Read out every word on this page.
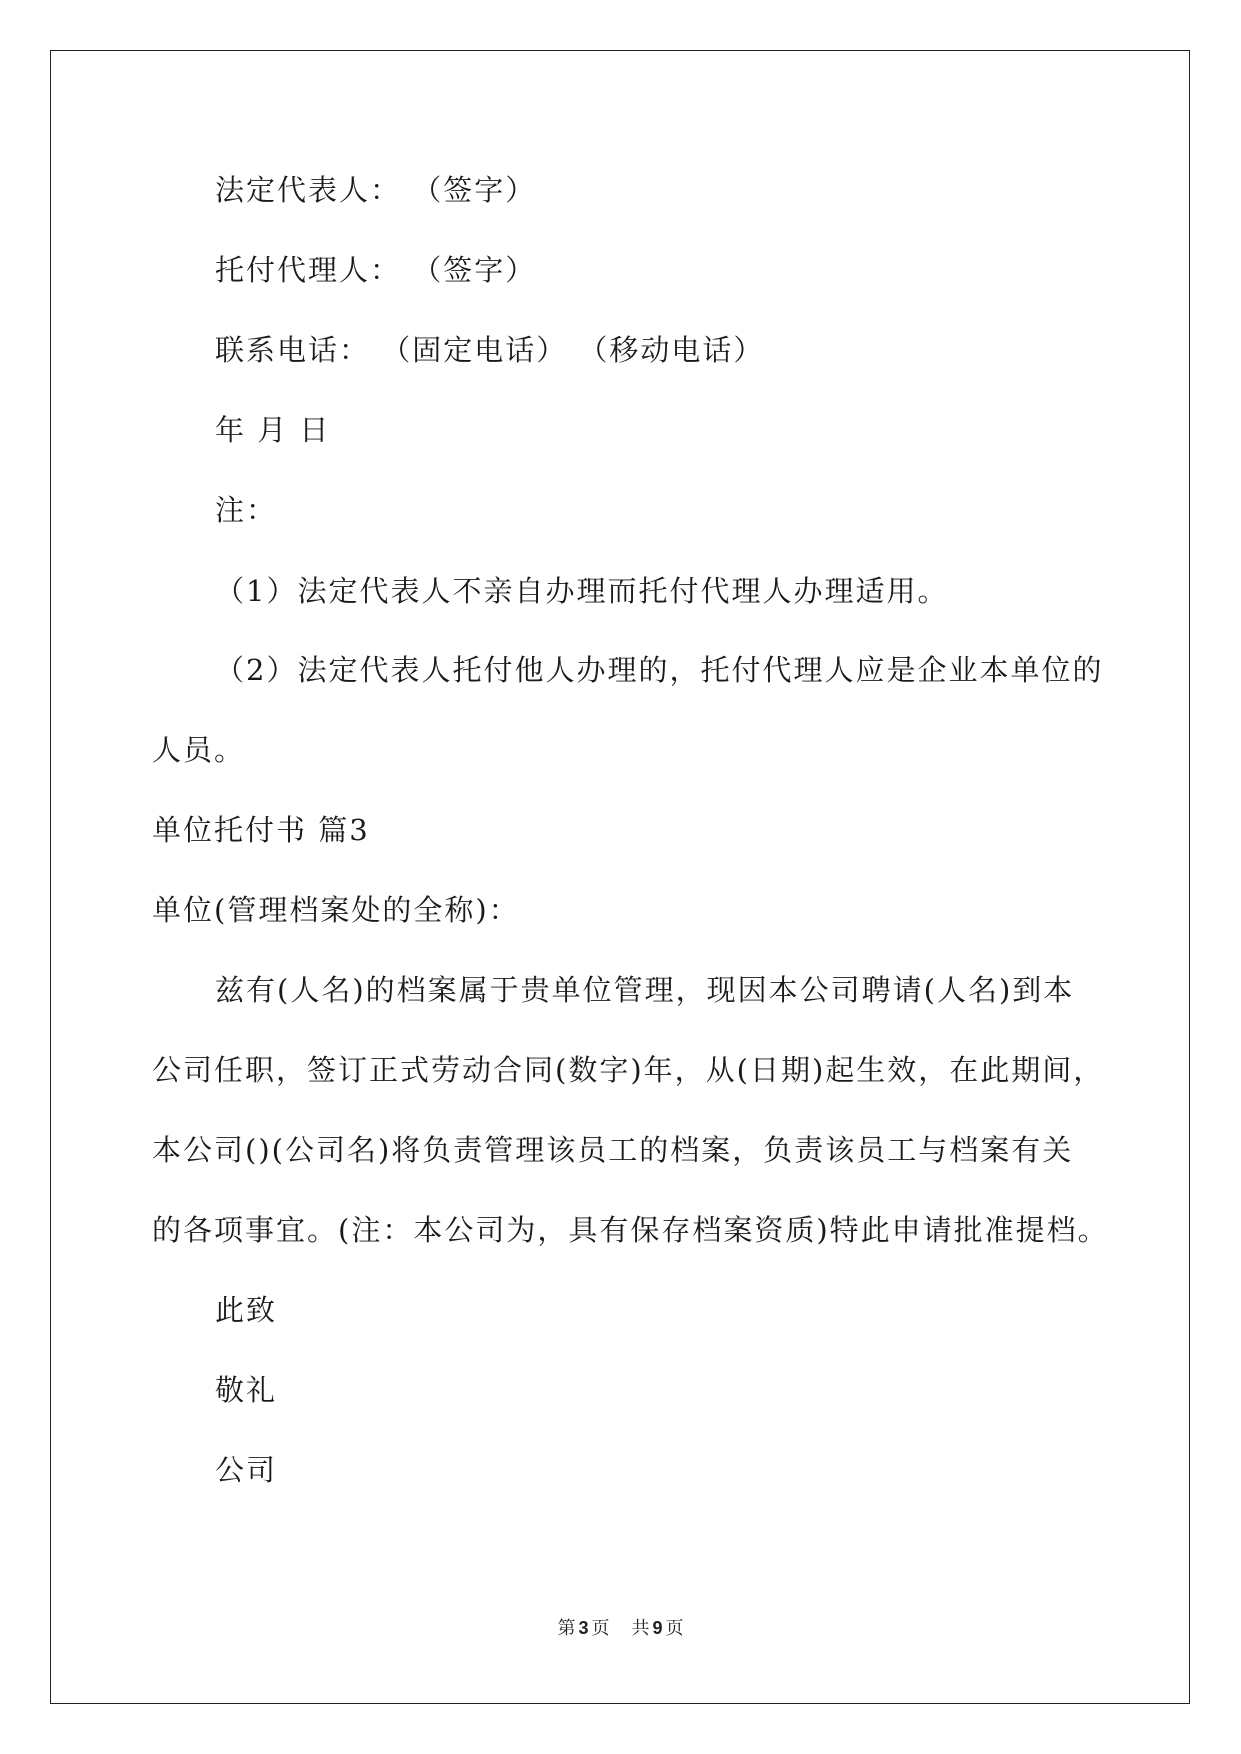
法定代表人： （签字）
托付代理人： （签字）
联系电话： （固定电话） （移动电话）
年 月 日
注：
（1）法定代表人不亲自办理而托付代理人办理适用。
（2）法定代表人托付他人办理的，托付代理人应是企业本单位的
人员。
单位托付书 篇3
单位(管理档案处的全称)：
兹有(人名)的档案属于贵单位管理，现因本公司聘请(人名)到本
公司任职，签订正式劳动合同(数字)年，从(日期)起生效，在此期间，
本公司()(公司名)将负责管理该员工的档案，负责该员工与档案有关
的各项事宜。(注：本公司为，具有保存档案资质)特此申请批准提档。
此致
敬礼
公司
第 3 页 共 9 页
